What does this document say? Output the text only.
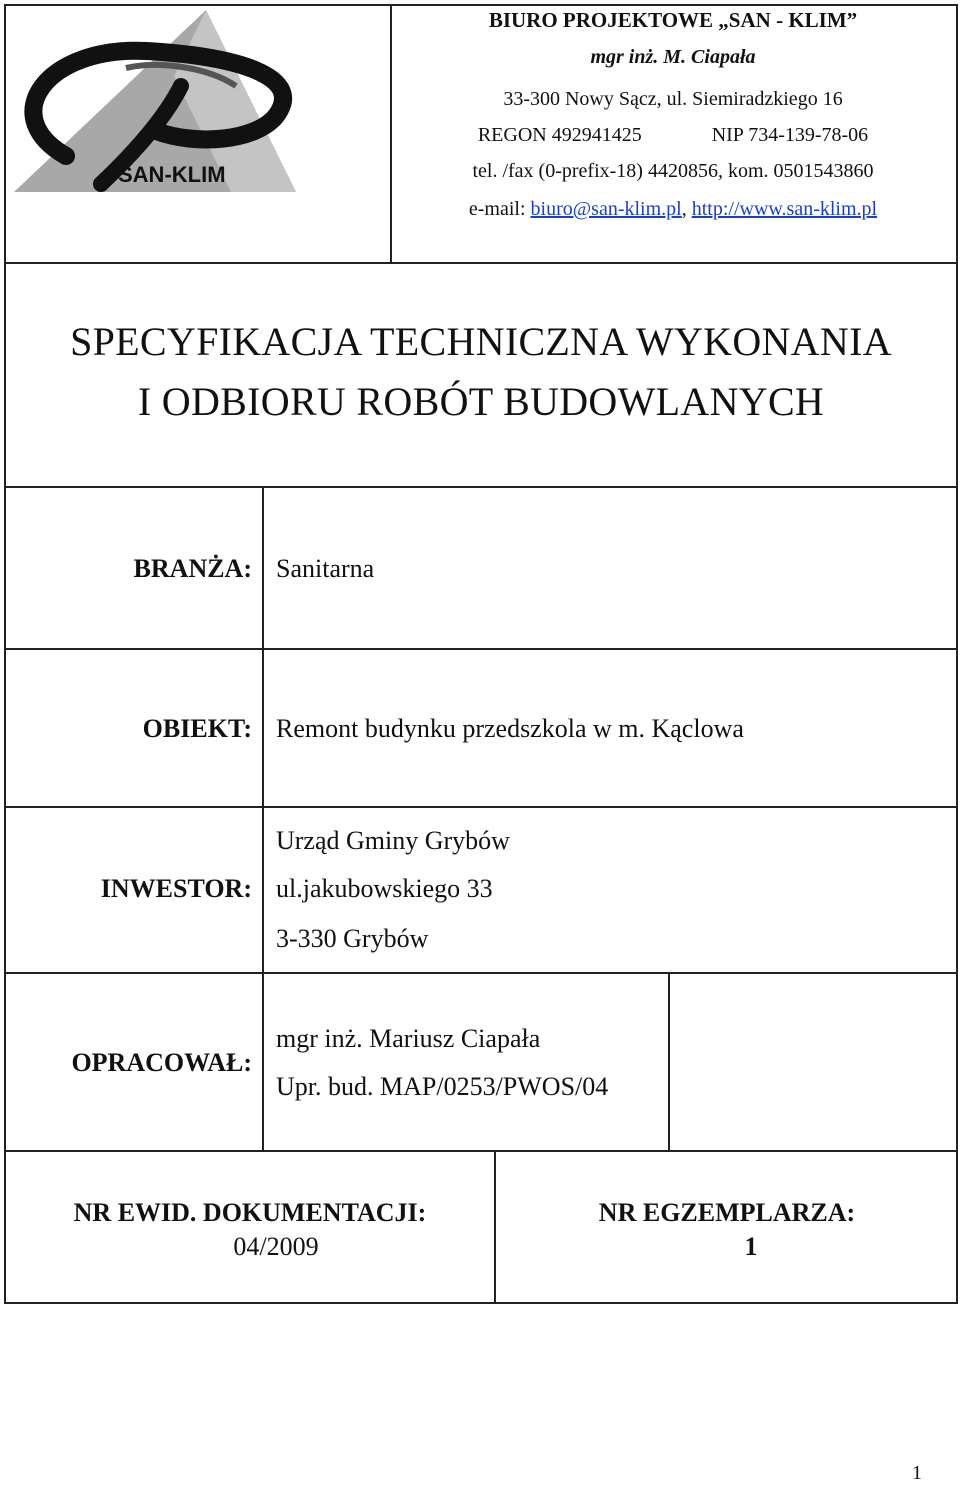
SAN-KLIM
BIURO PROJEKTOWE „SAN - KLIM”
mgr inż. M. Ciapała
33-300 Nowy Sącz, ul. Siemiradzkiego 16
REGON 492941425	NIP 734-139-78-06
tel. /fax (0-prefix-18) 4420856, kom. 0501543860
e-mail: biuro@san-klim.pl, http://www.san-klim.pl
SPECYFIKACJA TECHNICZNA WYKONANIA
I ODBIORU ROBÓT BUDOWLANYCH
BRANŻA: Sanitarna
OBIEKT: Remont budynku przedszkola w m. Kąclowa
INWESTOR:
Urząd Gminy Grybów
ul.jakubowskiego 33
3-330 Grybów
OPRACOWAŁ:
mgr inż. Mariusz Ciapała
Upr. bud. MAP/0253/PWOS/04
NR EWID. DOKUMENTACJI:
04/2009
NR EGZEMPLARZA:
1
1
